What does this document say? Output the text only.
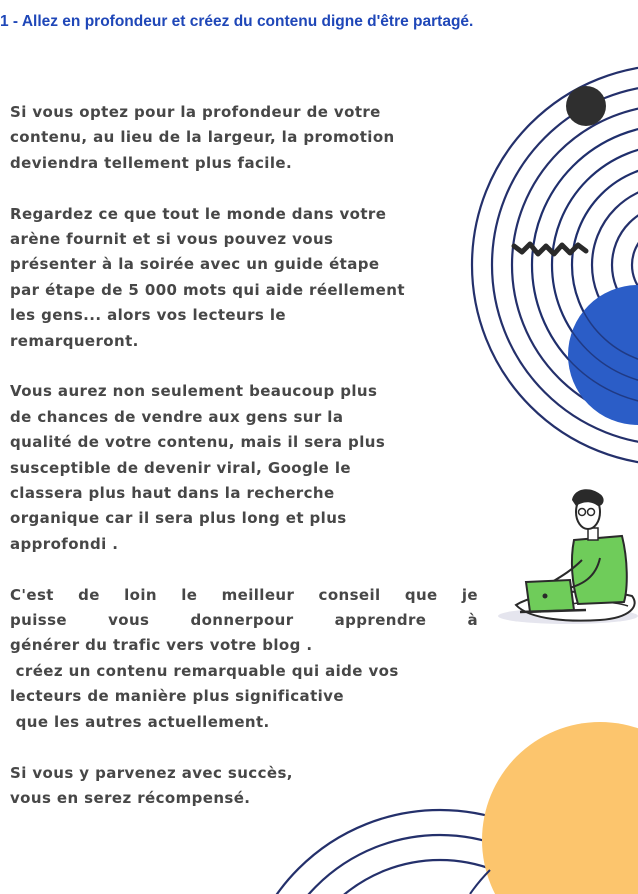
1 - Allez en profondeur et créez du contenu digne d'être partagé.
Si vous optez pour la profondeur de votre
contenu, au lieu de la largeur, la promotion
deviendra tellement plus facile.
Regardez ce que tout le monde dans votre
arène fournit et si vous pouvez vous
présenter à la soirée avec un guide étape
par étape de 5 000 mots qui aide réellement
les gens... alors vos lecteurs le
remarqueront.
Vous aurez non seulement beaucoup plus
de chances de vendre aux gens sur la
qualité de votre contenu, mais il sera plus
susceptible de devenir viral, Google le
classera plus haut dans la recherche
organique car il sera plus long et plus
approfondi .
C'est de loin le meilleur conseil que je
puisse vous donnerpour apprendre à
générer du trafic vers votre blog .
créez un contenu remarquable qui aide vos
lecteurs de manière plus significative
que les autres actuellement.
Si vous y parvenez avec succès,
vous en serez récompensé.
